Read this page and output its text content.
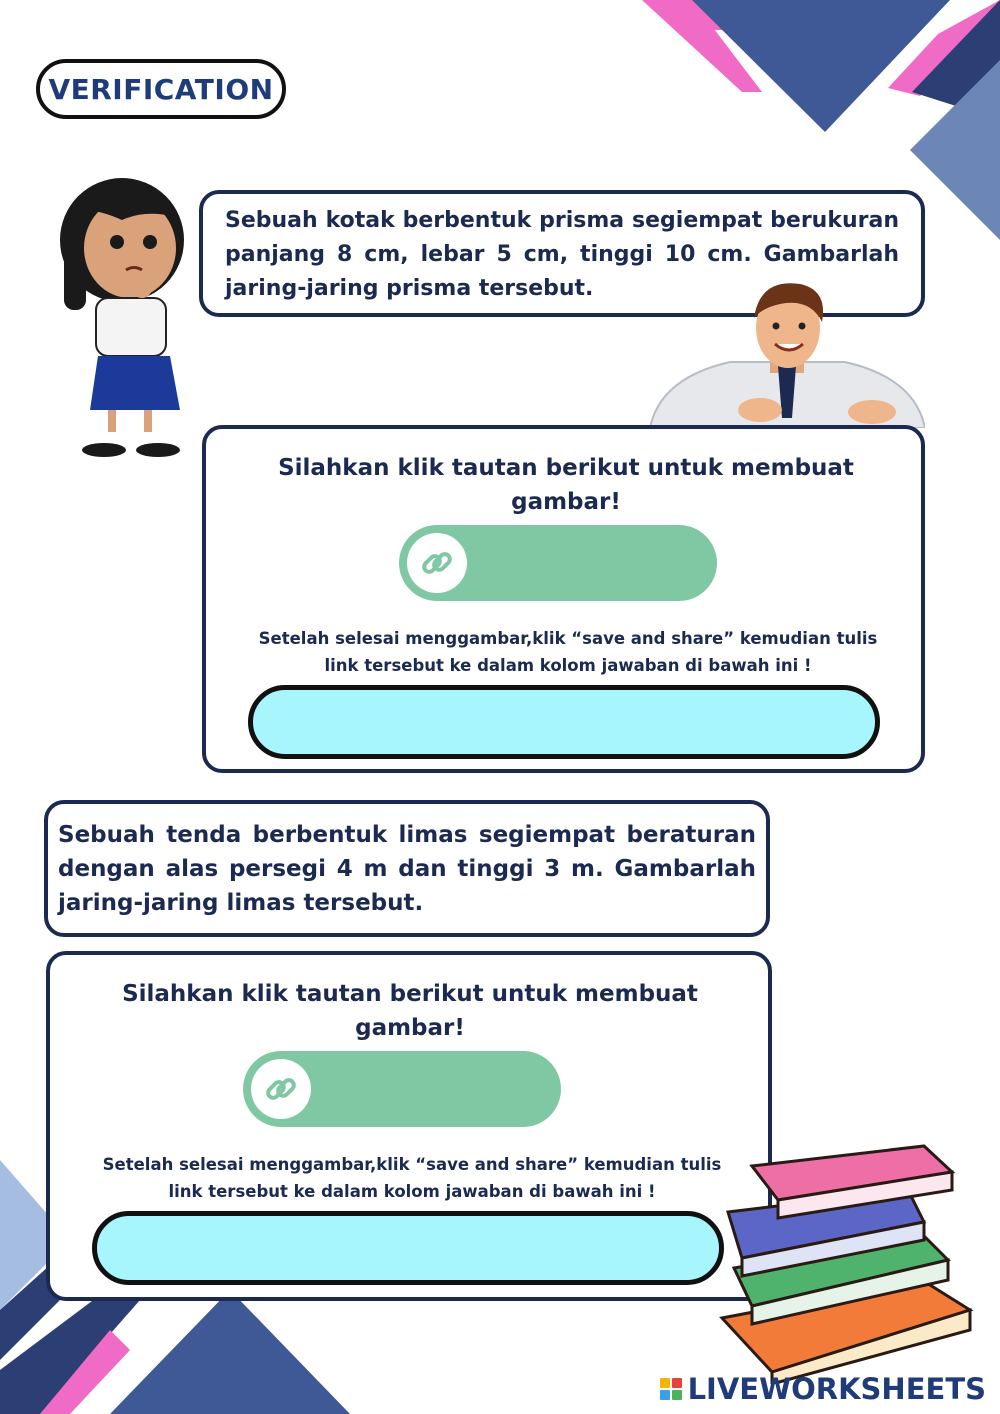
VERIFICATION
Sebuah kotak berbentuk prisma segiempat berukuran panjang 8 cm, lebar 5 cm, tinggi 10 cm. Gambarlah jaring-jaring prisma tersebut.
Silahkan klik tautan berikut untuk membuat gambar!
Setelah selesai menggambar,klik “save and share” kemudian tulis link tersebut ke dalam kolom jawaban di bawah ini !
Sebuah tenda berbentuk limas segiempat beraturan dengan alas persegi 4 m dan tinggi 3 m. Gambarlah jaring-jaring limas tersebut.
Silahkan klik tautan berikut untuk membuat gambar!
Setelah selesai menggambar,klik “save and share” kemudian tulis link tersebut ke dalam kolom jawaban di bawah ini !
LIVEWORKSHEETS
